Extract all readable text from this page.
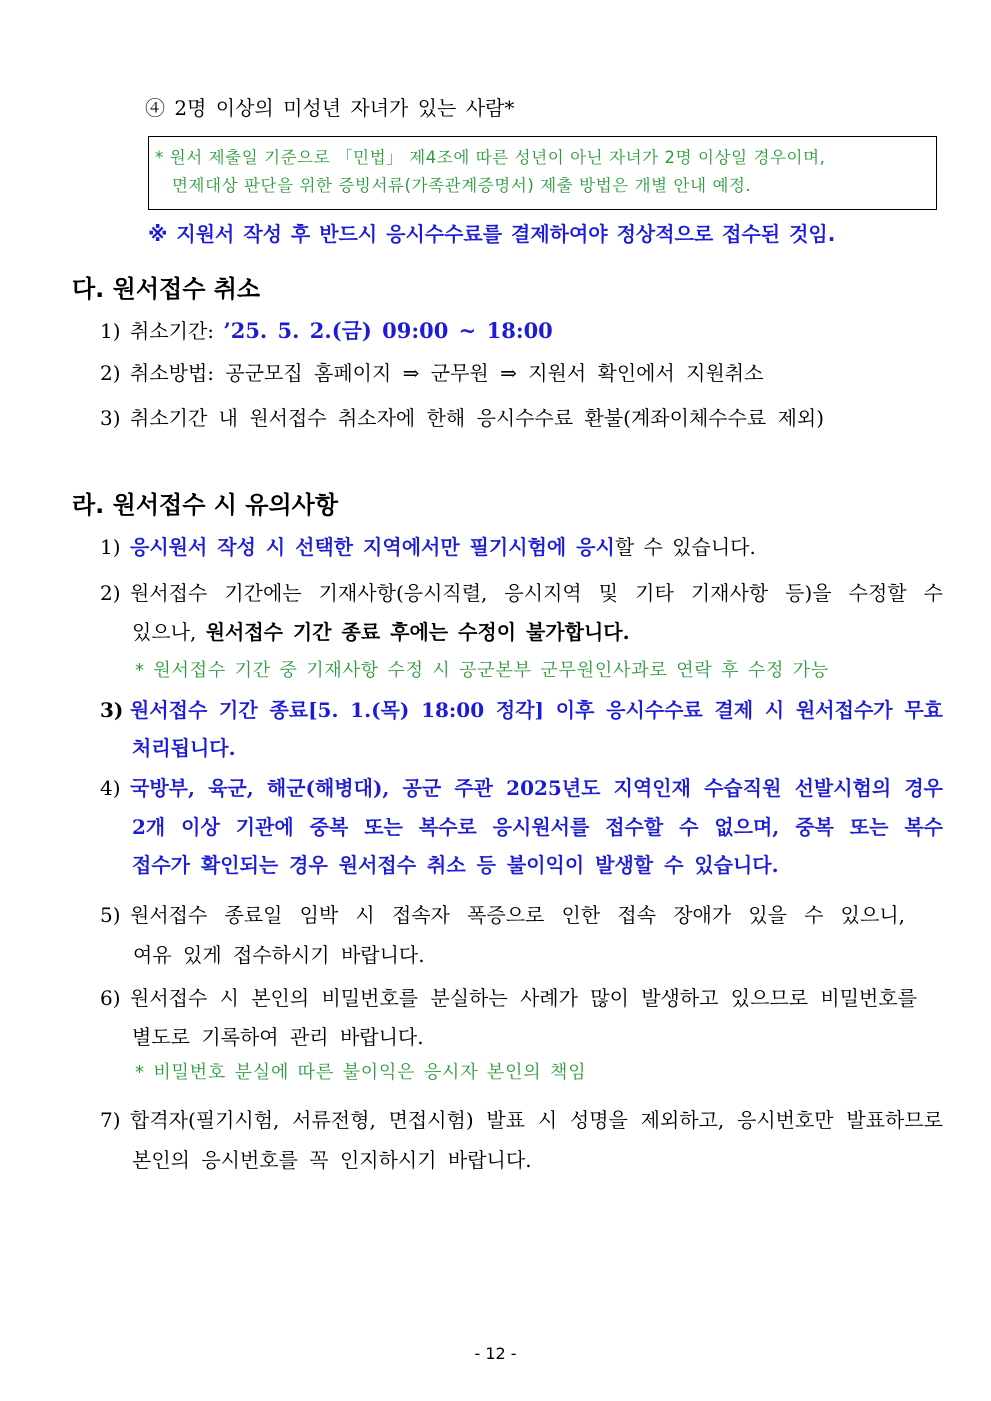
④ 2명 이상의 미성년 자녀가 있는 사람*
* 원서 제출일 기준으로 「민법」 제4조에 따른 성년이 아닌 자녀가 2명 이상일 경우이며,
면제대상 판단을 위한 증빙서류(가족관계증명서) 제출 방법은 개별 안내 예정.
※ 지원서 작성 후 반드시 응시수수료를 결제하여야 정상적으로 접수된 것임.
다. 원서접수 취소
1) 취소기간: ’25. 5. 2.(금) 09:00 ~ 18:00
2) 취소방법: 공군모집 홈페이지 ⇒ 군무원 ⇒ 지원서 확인에서 지원취소
3) 취소기간 내 원서접수 취소자에 한해 응시수수료 환불(계좌이체수수료 제외)
라. 원서접수 시 유의사항
1) 응시원서 작성 시 선택한 지역에서만 필기시험에 응시할 수 있습니다.
2) 원서접수 기간에는 기재사항(응시직렬, 응시지역 및 기타 기재사항 등)을 수정할 수
있으나, 원서접수 기간 종료 후에는 수정이 불가합니다.
* 원서접수 기간 중 기재사항 수정 시 공군본부 군무원인사과로 연락 후 수정 가능
3) 원서접수 기간 종료[5. 1.(목) 18:00 정각] 이후 응시수수료 결제 시 원서접수가 무효
처리됩니다.
4) 국방부, 육군, 해군(해병대), 공군 주관 2025년도 지역인재 수습직원 선발시험의 경우
2개 이상 기관에 중복 또는 복수로 응시원서를 접수할 수 없으며, 중복 또는 복수
접수가 확인되는 경우 원서접수 취소 등 불이익이 발생할 수 있습니다.
5) 원서접수 종료일 임박 시 접속자 폭증으로 인한 접속 장애가 있을 수 있으니,
여유 있게 접수하시기 바랍니다.
6) 원서접수 시 본인의 비밀번호를 분실하는 사례가 많이 발생하고 있으므로 비밀번호를
별도로 기록하여 관리 바랍니다.
* 비밀번호 분실에 따른 불이익은 응시자 본인의 책임
7) 합격자(필기시험, 서류전형, 면접시험) 발표 시 성명을 제외하고, 응시번호만 발표하므로
본인의 응시번호를 꼭 인지하시기 바랍니다.
- 12 -
